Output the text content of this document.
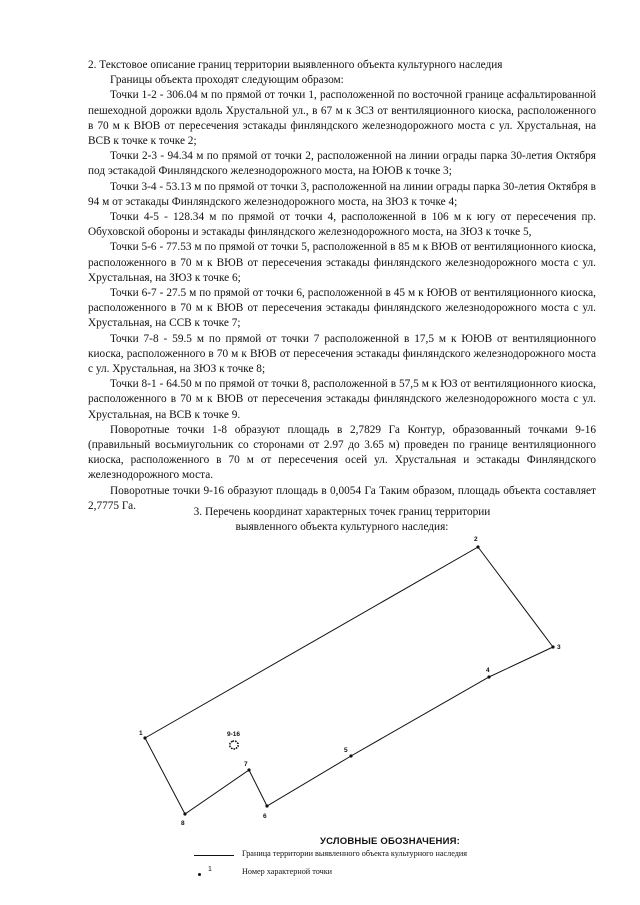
2. Текстовое описание границ территории выявленного объекта культурного наследия

Границы объекта проходят следующим образом:

Точки 1-2 - 306.04 м по прямой от точки 1, расположенной по восточной границе асфальтированной пешеходной дорожки вдоль Хрустальной ул., в 67 м к ЗСЗ от вентиляционного киоска, расположенного в 70 м к ВЮВ от пересечения эстакады финляндского железнодорожного моста с ул. Хрустальная, на ВСВ к точке к точке 2;

Точки 2-3 - 94.34 м по прямой от точки 2, расположенной на линии ограды парка 30-летия Октября под эстакадой Финляндского железнодорожного моста, на ЮЮВ к точке 3;

Точки 3-4 - 53.13 м по прямой от точки 3, расположенной на линии ограды парка 30-летия Октября в 94 м от эстакады Финляндского железнодорожного моста, на ЗЮЗ к точке 4;

Точки 4-5 - 128.34 м по прямой от точки 4, расположенной в 106 м к югу от пересечения пр. Обуховской обороны и эстакады финляндского железнодорожного моста, на ЗЮЗ к точке 5,

Точки 5-6 - 77.53 м по прямой от точки 5, расположенной в 85 м к ВЮВ от вентиляционного киоска, расположенного в 70 м к ВЮВ от пересечения эстакады финляндского железнодорожного моста с ул. Хрустальная, на ЗЮЗ к точке 6;

Точки 6-7 - 27.5 м по прямой от точки 6, расположенной в 45 м к ЮЮВ от вентиляционного киоска, расположенного в 70 м к ВЮВ от пересечения эстакады финляндского железнодорожного моста с ул. Хрустальная, на ССВ к точке 7;

Точки 7-8 - 59.5 м по прямой от точки 7 расположенной в 17,5 м к ЮЮВ от вентиляционного киоска, расположенного в 70 м к ВЮВ от пересечения эстакады финляндского железнодорожного моста с ул. Хрустальная, на ЗЮЗ к точке 8;

Точки 8-1 - 64.50 м по прямой от точки 8, расположенной в 57,5 м к ЮЗ от вентиляционного киоска, расположенного в 70 м к ВЮВ от пересечения эстакады финляндского железнодорожного моста с ул. Хрустальная, на ВСВ к точке 9.

Поворотные точки 1-8 образуют площадь в 2,7829 Га Контур, образованный точками 9-16 (правильный восьмиугольник со сторонами от 2.97 до 3.65 м) проведен по границе вентиляционного киоска, расположенного в 70 м от пересечения осей ул. Хрустальная и эстакады Финляндского железнодорожного моста.

Поворотные точки 9-16 образуют площадь в 0,0054 Га Таким образом, площадь объекта составляет 2,7775 Га.

3. Перечень координат характерных точек границ территории
выявленного объекта культурного наследия:
1
2
3
4
5
6
7
8
9-16
УСЛОВНЫЕ ОБОЗНАЧЕНИЯ:
Граница территории выявленного объекта культурного наследия
1	Номер характерной точки
